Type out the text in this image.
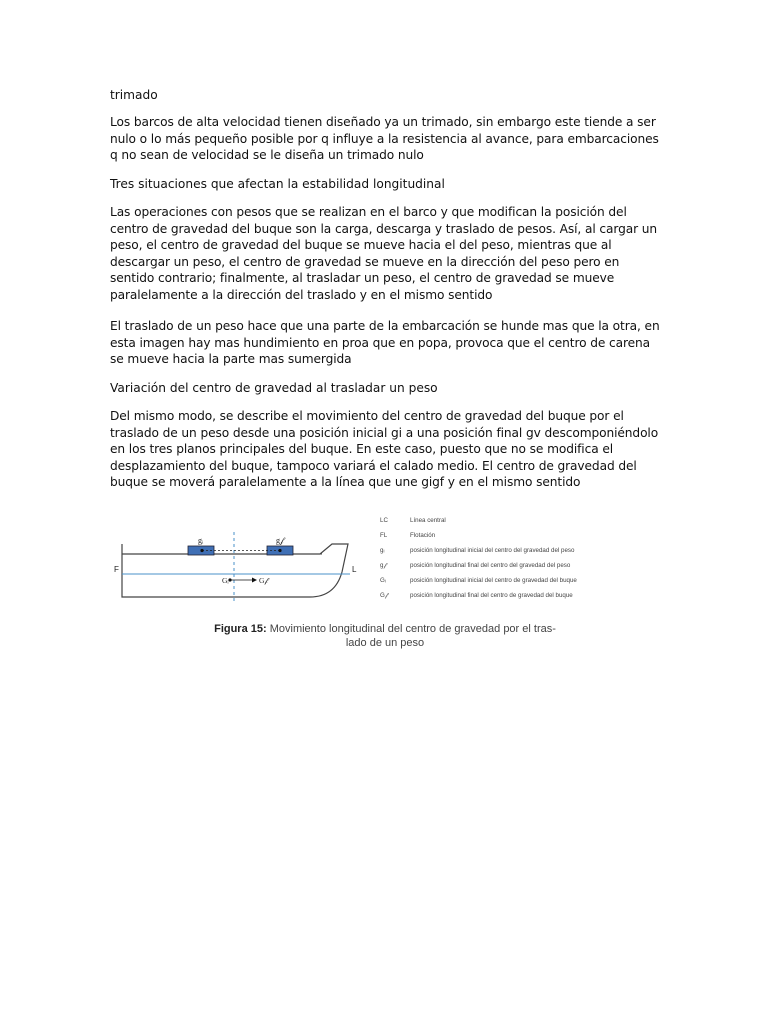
trimado
Los barcos de alta velocidad tienen diseñado ya un trimado, sin embargo este tiende a ser nulo o lo más pequeño posible por q influye a la resistencia al avance, para embarcaciones q no sean de velocidad se le diseña un trimado nulo
Tres situaciones que afectan la estabilidad longitudinal
Las operaciones con pesos que se realizan en el barco y que modifican la posición del centro de gravedad del buque son la carga, descarga y traslado de pesos. Así, al cargar un peso, el centro de gravedad del buque se mueve hacia el del peso, mientras que al descargar un peso, el centro de gravedad se mueve en la dirección del peso pero en sentido contrario; finalmente, al trasladar un peso, el centro de gravedad se mueve paralelamente a la dirección del traslado y en el mismo sentido
El traslado de un peso hace que una parte de la embarcación se hunde mas que la otra, en esta imagen hay mas hundimiento en proa que en popa, provoca que el centro de carena se mueve hacia la parte mas sumergida
Variación del centro de gravedad al trasladar un peso
Del mismo modo, se describe el movimiento del centro de gravedad del buque por el traslado de un peso desde una posición inicial gi a una posición final gv descomponiéndolo en los tres planos principales del buque. En este caso, puesto que no se modifica el desplazamiento del buque, tampoco variará el calado medio. El centro de gravedad del buque se moverá paralelamente a la línea que une gigf y en el mismo sentido
gᵢ	g𝒻
F	L
Gᵢ	G𝒻
LC	Línea central
FL	Flotación
gᵢ	posición longitudinal inicial del centro del gravedad del peso
g𝒻	posición longitudinal final del centro del gravedad del peso
Gᵢ	posición longitudinal inicial del centro de gravedad del buque
G𝒻	posición longitudinal final del centro de gravedad del buque
Figura 15: Movimiento longitudinal del centro de gravedad por el tras-
lado de un peso
